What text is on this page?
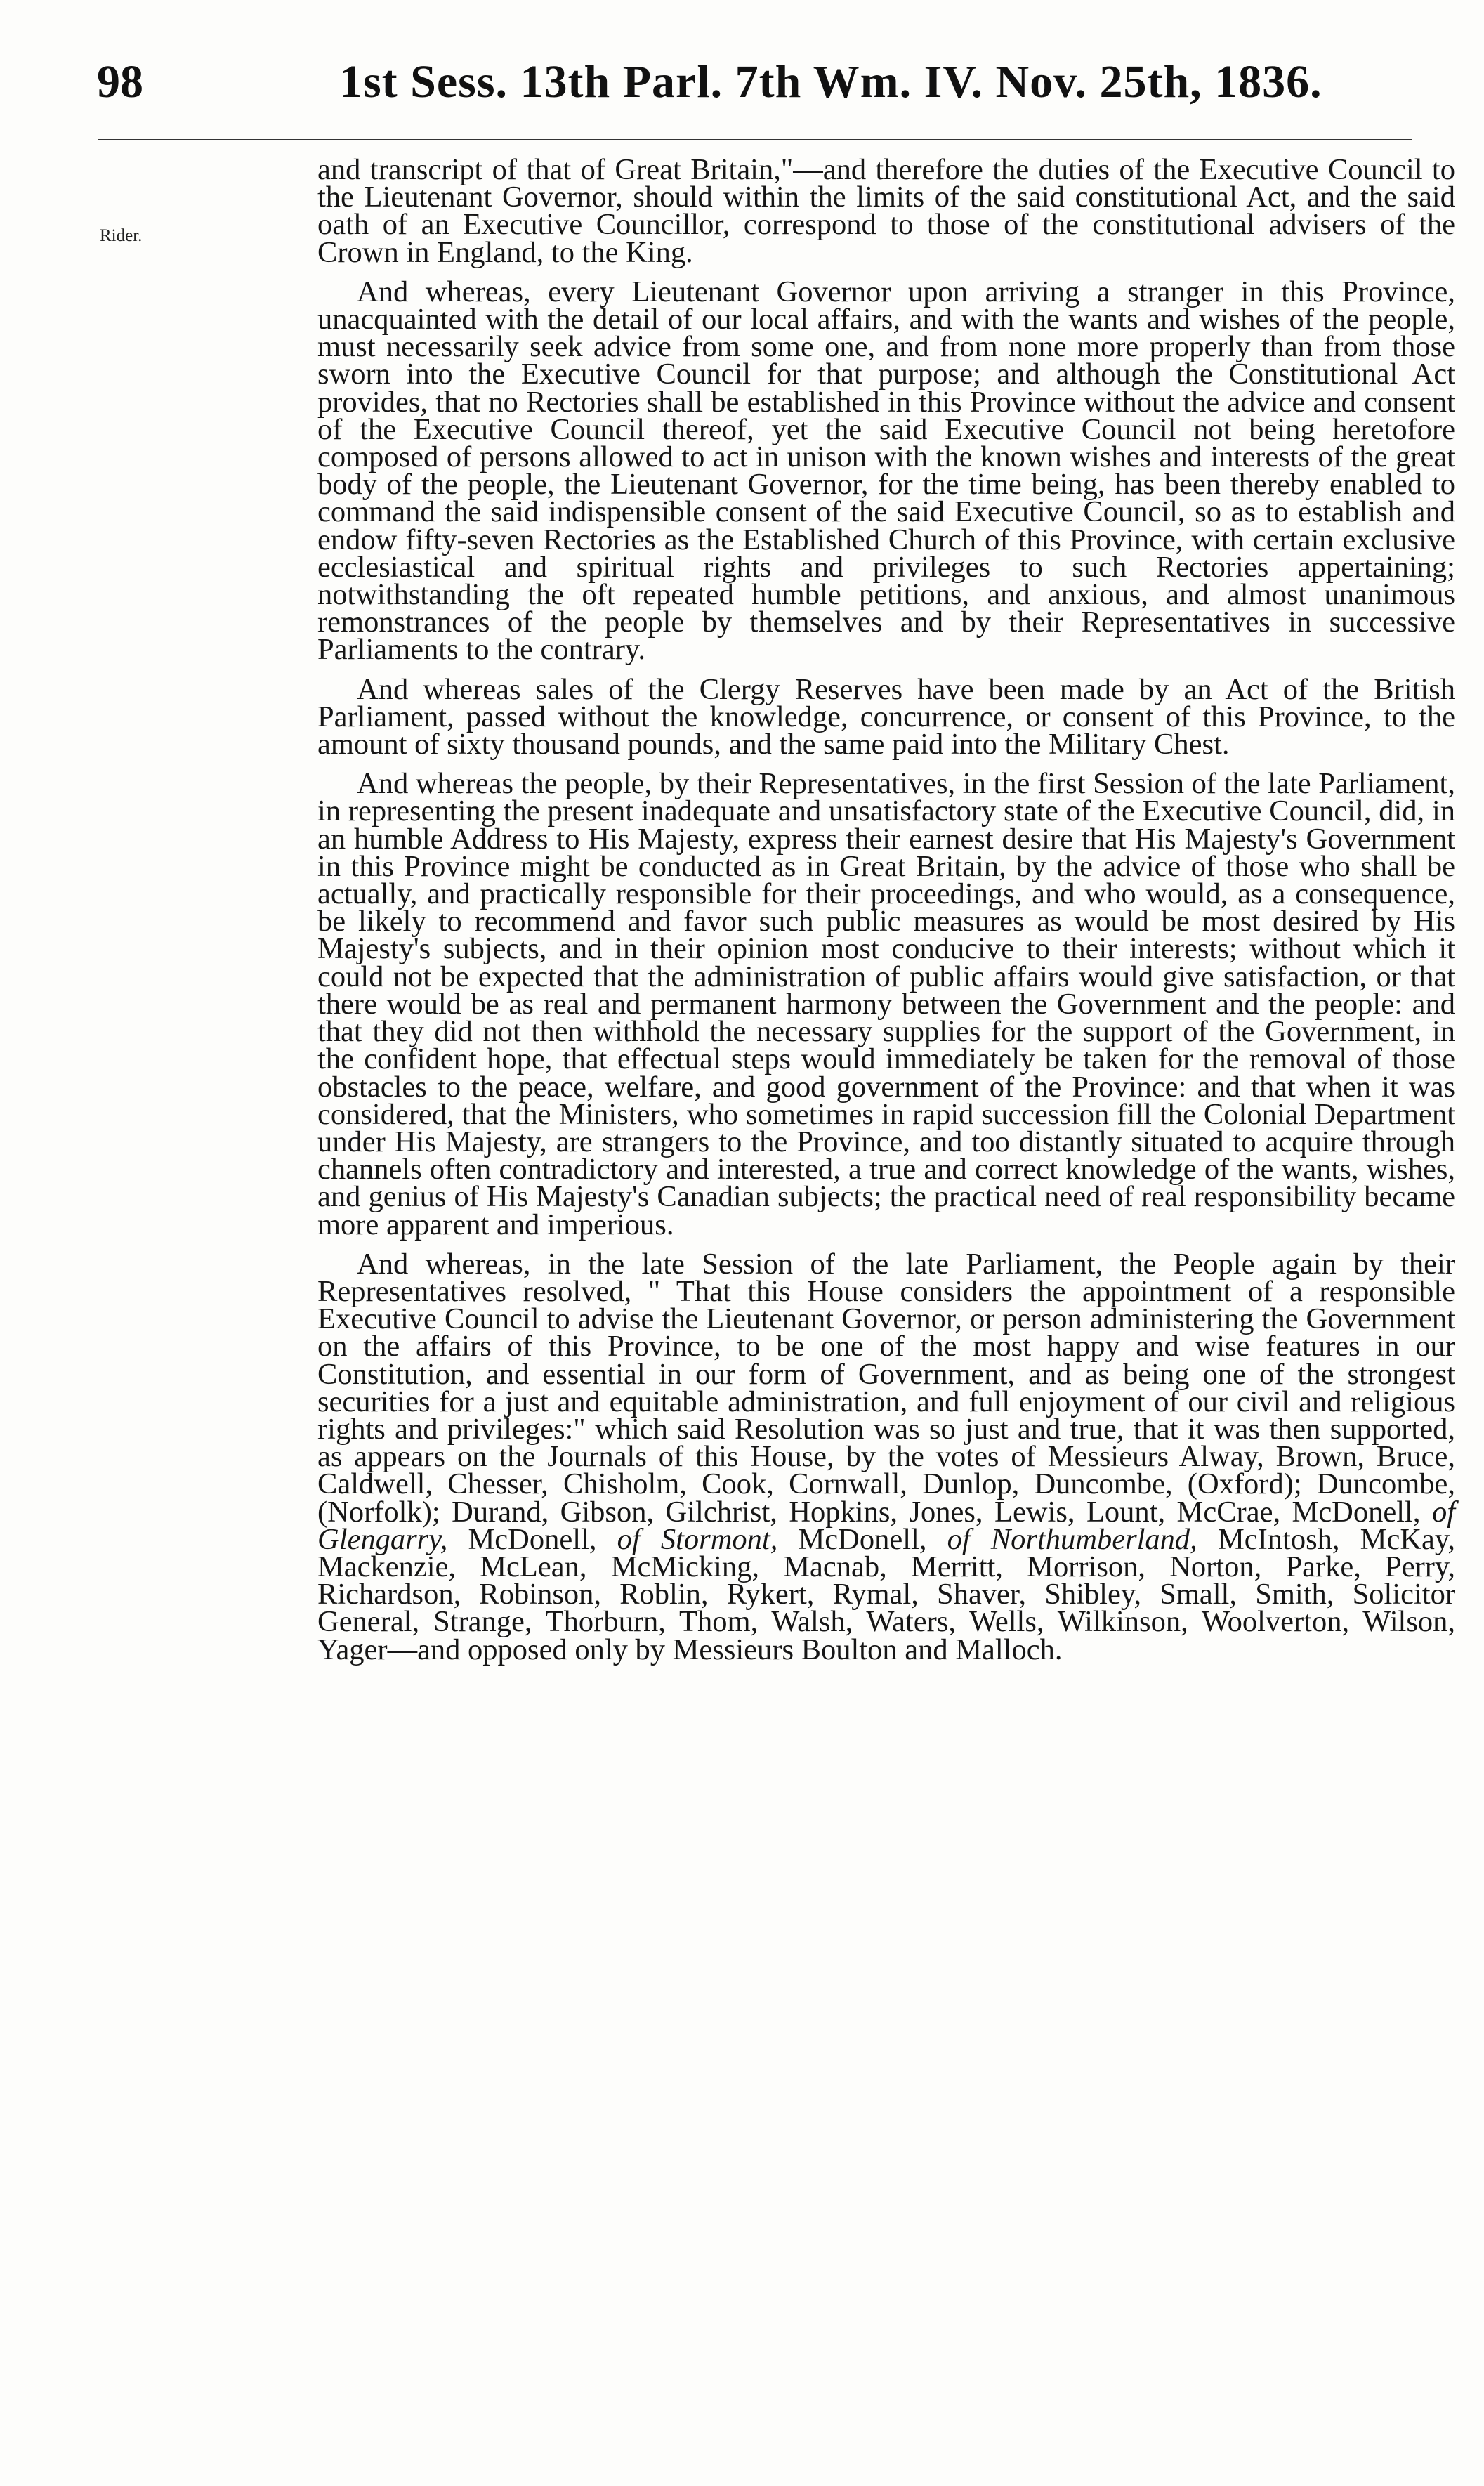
98	1st Sess. 13th Parl. 7th Wm. IV. Nov. 25th, 1836.
Rider.

and transcript of that of Great Britain,"—and therefore the duties of the Executive Council to the Lieutenant Governor, should within the limits of the said constitutional Act, and the said oath of an Executive Councillor, correspond to those of the constitutional advisers of the Crown in England, to the King.

And whereas, every Lieutenant Governor upon arriving a stranger in this Province, unacquainted with the detail of our local affairs, and with the wants and wishes of the people, must necessarily seek advice from some one, and from none more properly than from those sworn into the Executive Council for that purpose; and although the Constitutional Act provides, that no Rectories shall be established in this Province without the advice and consent of the Executive Council thereof, yet the said Executive Council not being heretofore composed of persons allowed to act in unison with the known wishes and interests of the great body of the people, the Lieutenant Governor, for the time being, has been thereby enabled to command the said indispensible consent of the said Executive Council, so as to establish and endow fifty-seven Rectories as the Established Church of this Province, with certain exclusive ecclesiastical and spiritual rights and privileges to such Rectories appertaining; notwithstanding the oft repeated humble petitions, and anxious, and almost unanimous remonstrances of the people by themselves and by their Representatives in successive Parliaments to the contrary.

And whereas sales of the Clergy Reserves have been made by an Act of the British Parliament, passed without the knowledge, concurrence, or consent of this Province, to the amount of sixty thousand pounds, and the same paid into the Military Chest.

And whereas the people, by their Representatives, in the first Session of the late Parliament, in representing the present inadequate and unsatisfactory state of the Executive Council, did, in an humble Address to His Majesty, express their earnest desire that His Majesty's Government in this Province might be conducted as in Great Britain, by the advice of those who shall be actually, and practically responsible for their proceedings, and who would, as a consequence, be likely to recommend and favor such public measures as would be most desired by His Majesty's subjects, and in their opinion most conducive to their interests; without which it could not be expected that the administration of public affairs would give satisfaction, or that there would be as real and permanent harmony between the Government and the people: and that they did not then withhold the necessary supplies for the support of the Government, in the confident hope, that effectual steps would immediately be taken for the removal of those obstacles to the peace, welfare, and good government of the Province: and that when it was considered, that the Ministers, who sometimes in rapid succession fill the Colonial Department under His Majesty, are strangers to the Province, and too distantly situated to acquire through channels often contradictory and interested, a true and correct knowledge of the wants, wishes, and genius of His Majesty's Canadian subjects; the practical need of real responsibility became more apparent and imperious.

And whereas, in the late Session of the late Parliament, the People again by their Representatives resolved, " That this House considers the appointment of a responsible Executive Council to advise the Lieutenant Governor, or person administering the Government on the affairs of this Province, to be one of the most happy and wise features in our Constitution, and essential in our form of Government, and as being one of the strongest securities for a just and equitable administration, and full enjoyment of our civil and religious rights and privileges:" which said Resolution was so just and true, that it was then supported, as appears on the Journals of this House, by the votes of Messieurs Alway, Brown, Bruce, Caldwell, Chesser, Chisholm, Cook, Cornwall, Dunlop, Duncombe, (Oxford); Duncombe, (Norfolk); Durand, Gibson, Gilchrist, Hopkins, Jones, Lewis, Lount, McCrae, McDonell, of Glengarry, McDonell, of Stormont, McDonell, of Northumberland, McIntosh, McKay, Mackenzie, McLean, McMicking, Macnab, Merritt, Morrison, Norton, Parke, Perry, Richardson, Robinson, Roblin, Rykert, Rymal, Shaver, Shibley, Small, Smith, Solicitor General, Strange, Thorburn, Thom, Walsh, Waters, Wells, Wilkinson, Woolverton, Wilson, Yager—and opposed only by Messieurs Boulton and Malloch.
